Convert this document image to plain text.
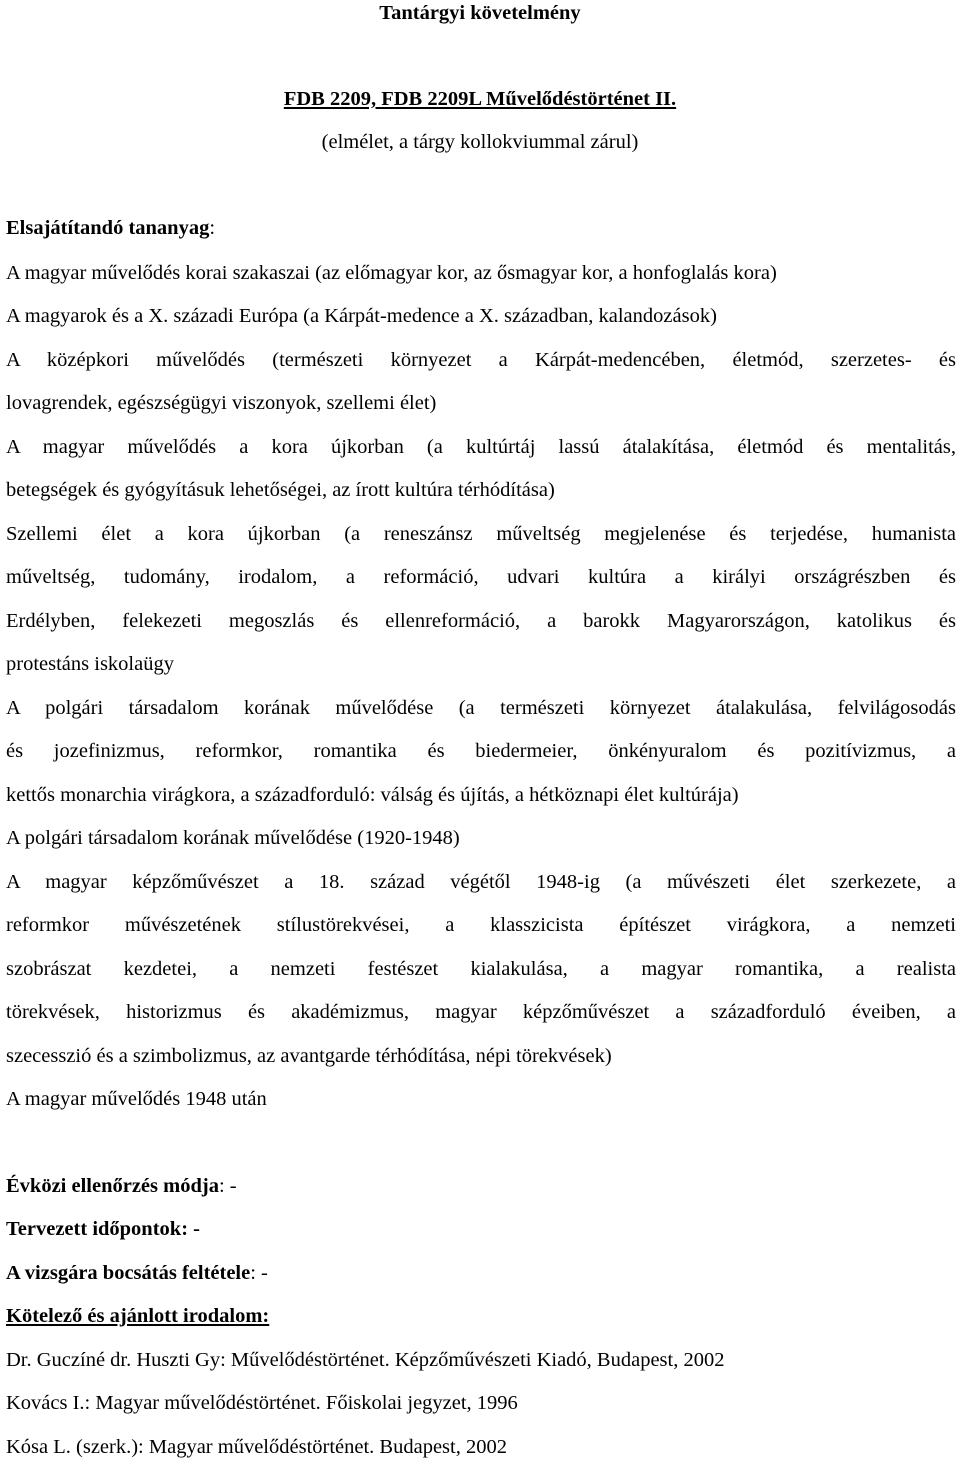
Tantárgyi követelmény
FDB 2209, FDB 2209L Művelődéstörténet II.
(elmélet, a tárgy kollokviummal zárul)
Elsajátítandó tananyag:
A magyar művelődés korai szakaszai (az előmagyar kor, az ősmagyar kor, a honfoglalás kora)
A magyarok és a X. századi Európa (a Kárpát-medence a X. században, kalandozások)
A középkori művelődés (természeti környezet a Kárpát-medencében, életmód, szerzetes- és
lovagrendek, egészségügyi viszonyok, szellemi élet)
A magyar művelődés a kora újkorban (a kultúrtáj lassú átalakítása, életmód és mentalitás,
betegségek és gyógyításuk lehetőségei, az írott kultúra térhódítása)
Szellemi élet a kora újkorban (a reneszánsz műveltség megjelenése és terjedése, humanista
műveltség, tudomány, irodalom, a reformáció, udvari kultúra a királyi országrészben és
Erdélyben, felekezeti megoszlás és ellenreformáció, a barokk Magyarországon, katolikus és
protestáns iskolaügy
A polgári társadalom korának művelődése (a természeti környezet átalakulása, felvilágosodás
és jozefinizmus, reformkor, romantika és biedermeier, önkényuralom és pozitívizmus, a
kettős monarchia virágkora, a századforduló: válság és újítás, a hétköznapi élet kultúrája)
A polgári társadalom korának művelődése (1920-1948)
A magyar képzőművészet a 18. század végétől 1948-ig (a művészeti élet szerkezete, a
reformkor művészetének stílustörekvései, a klasszicista építészet virágkora, a nemzeti
szobrászat kezdetei, a nemzeti festészet kialakulása, a magyar romantika, a realista
törekvések, historizmus és akadémizmus, magyar képzőművészet a századforduló éveiben, a
szecesszió és a szimbolizmus, az avantgarde térhódítása, népi törekvések)
A magyar művelődés 1948 után
Évközi ellenőrzés módja: -
Tervezett időpontok: -
A vizsgára bocsátás feltétele: -
Kötelező és ajánlott irodalom:
Dr. Guczíné dr. Huszti Gy: Művelődéstörténet. Képzőművészeti Kiadó, Budapest, 2002
Kovács I.: Magyar művelődéstörténet. Főiskolai jegyzet, 1996
Kósa L. (szerk.): Magyar művelődéstörténet. Budapest, 2002
